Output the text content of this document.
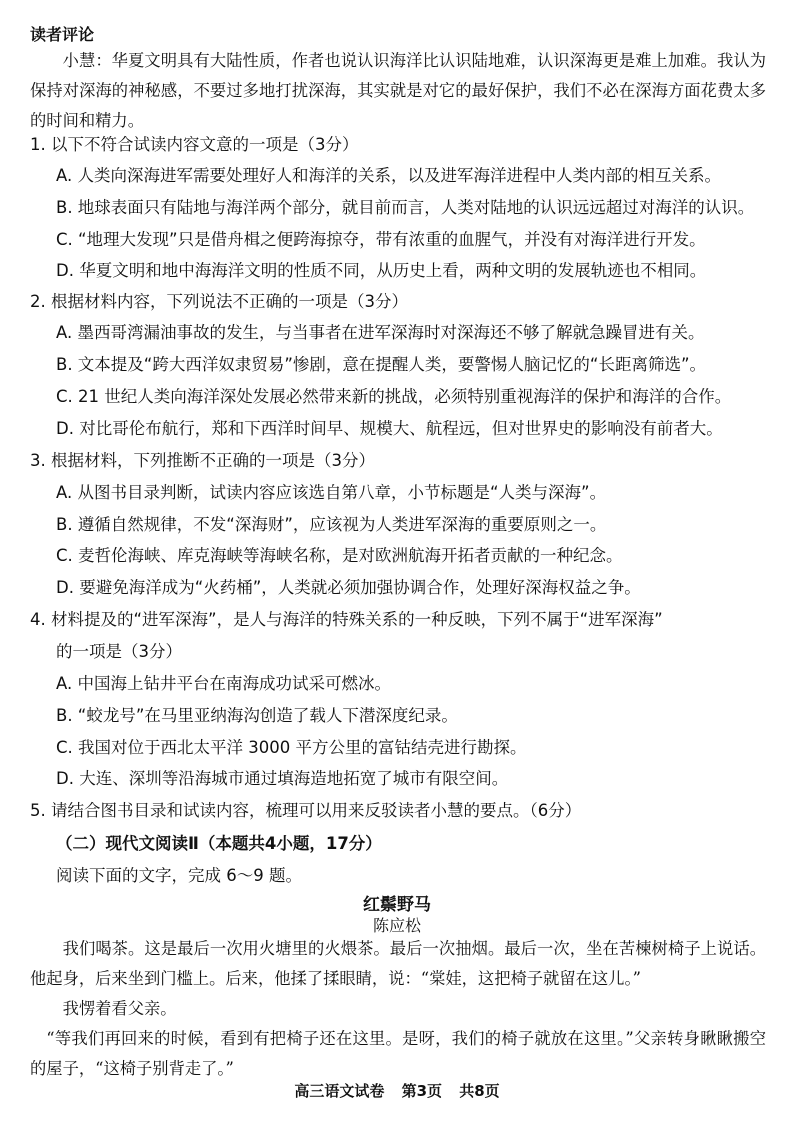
读者评论
小慧：华夏文明具有大陆性质，作者也说认识海洋比认识陆地难，认识深海更是难上加难。我认为保持对深海的神秘感，不要过多地打扰深海，其实就是对它的最好保护，我们不必在深海方面花费太多的时间和精力。
1. 以下不符合试读内容文意的一项是（3分）
A. 人类向深海进军需要处理好人和海洋的关系，以及进军海洋进程中人类内部的相互关系。
B. 地球表面只有陆地与海洋两个部分，就目前而言，人类对陆地的认识远远超过对海洋的认识。
C. “地理大发现”只是借舟楫之便跨海掠夺，带有浓重的血腥气，并没有对海洋进行开发。
D. 华夏文明和地中海海洋文明的性质不同，从历史上看，两种文明的发展轨迹也不相同。
2. 根据材料内容，下列说法不正确的一项是（3分）
A. 墨西哥湾漏油事故的发生，与当事者在进军深海时对深海还不够了解就急躁冒进有关。
B. 文本提及“跨大西洋奴隶贸易”惨剧，意在提醒人类，要警惕人脑记忆的“长距离筛选”。
C. 21 世纪人类向海洋深处发展必然带来新的挑战，必须特别重视海洋的保护和海洋的合作。
D. 对比哥伦布航行，郑和下西洋时间早、规模大、航程远，但对世界史的影响没有前者大。
3. 根据材料，下列推断不正确的一项是（3分）
A. 从图书目录判断，试读内容应该选自第八章，小节标题是“人类与深海”。
B. 遵循自然规律，不发“深海财”，应该视为人类进军深海的重要原则之一。
C. 麦哲伦海峡、库克海峡等海峡名称，是对欧洲航海开拓者贡献的一种纪念。
D. 要避免海洋成为“火药桶”，人类就必须加强协调合作，处理好深海权益之争。
4. 材料提及的“进军深海”，是人与海洋的特殊关系的一种反映，下列不属于“进军深海”
的一项是（3分）
A. 中国海上钻井平台在南海成功试采可燃冰。
B. “蛟龙号”在马里亚纳海沟创造了载人下潜深度纪录。
C. 我国对位于西北太平洋 3000 平方公里的富钴结壳进行勘探。
D. 大连、深圳等沿海城市通过填海造地拓宽了城市有限空间。
5. 请结合图书目录和试读内容，梳理可以用来反驳读者小慧的要点。（6分）
（二）现代文阅读Ⅱ（本题共4小题，17分）
阅读下面的文字，完成 6～9 题。
红鬃野马
陈应松
我们喝茶。这是最后一次用火塘里的火煨茶。最后一次抽烟。最后一次，坐在苦楝树椅子上说话。他起身，后来坐到门槛上。后来，他揉了揉眼睛，说：“棠娃，这把椅子就留在这儿。”
我愣着看父亲。
“等我们再回来的时候，看到有把椅子还在这里。是呀，我们的椅子就放在这里。”父亲转身瞅瞅搬空的屋子，“这椅子别背走了。”
高三语文试卷 第3页 共8页
